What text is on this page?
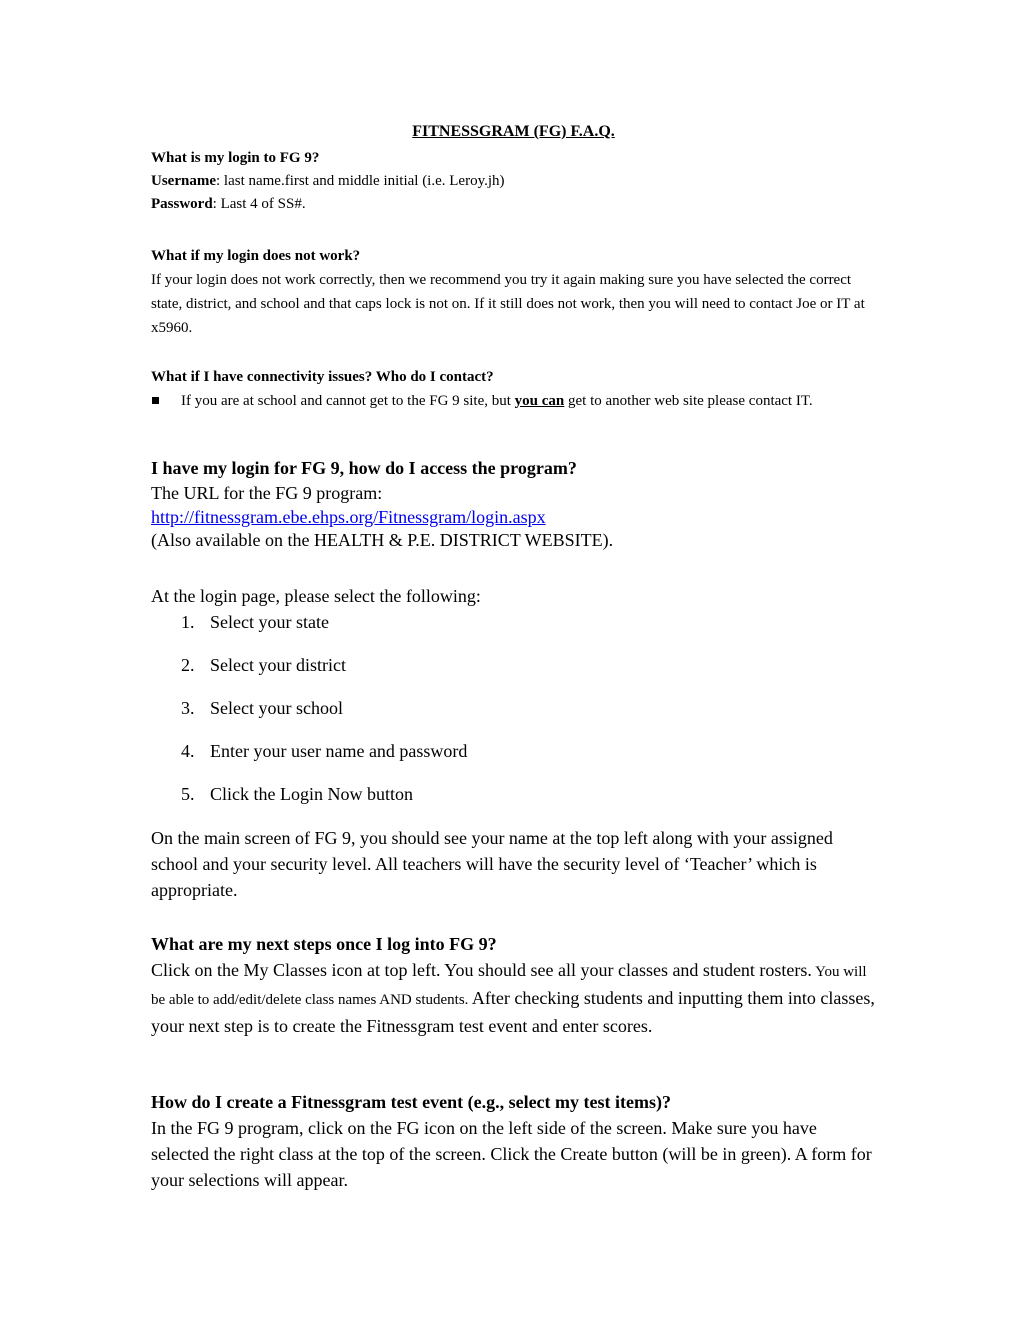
FITNESSGRAM (FG) F.A.Q.

What is my login to FG 9?

Username: last name.first and middle initial (i.e. Leroy.jh)

Password: Last 4 of SS#.

What if my login does not work?

If your login does not work correctly, then we recommend you try it again making sure you have selected the correct state, district, and school and that caps lock is not on. If it still does not work, then you will need to contact Joe or IT at x5960.

What if I have connectivity issues? Who do I contact?

If you are at school and cannot get to the FG 9 site, but you can get to another web site please contact IT.

I have my login for FG 9, how do I access the program?

The URL for the FG 9 program:

http://fitnessgram.ebe.ehps.org/Fitnessgram/login.aspx

(Also available on the HEALTH & P.E. DISTRICT WEBSITE).

At the login page, please select the following:

1. Select your state
2. Select your district
3. Select your school
4. Enter your user name and password
5. Click the Login Now button

On the main screen of FG 9, you should see your name at the top left along with your assigned school and your security level. All teachers will have the security level of ‘Teacher’ which is appropriate.

What are my next steps once I log into FG 9?

Click on the My Classes icon at top left. You should see all your classes and student rosters. You will be able to add/edit/delete class names AND students. After checking students and inputting them into classes, your next step is to create the Fitnessgram test event and enter scores.

How do I create a Fitnessgram test event (e.g., select my test items)?

In the FG 9 program, click on the FG icon on the left side of the screen. Make sure you have selected the right class at the top of the screen. Click the Create button (will be in green). A form for your selections will appear.
